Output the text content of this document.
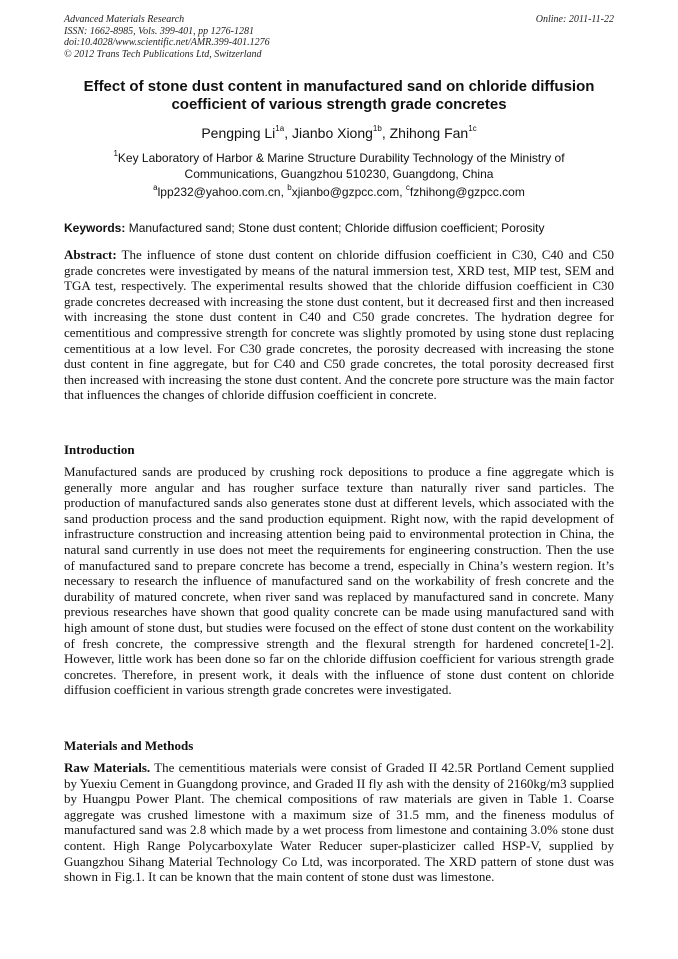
Advanced Materials Research
ISSN: 1662-8985, Vols. 399-401, pp 1276-1281
doi:10.4028/www.scientific.net/AMR.399-401.1276
© 2012 Trans Tech Publications Ltd, Switzerland
Online: 2011-11-22
Effect of stone dust content in manufactured sand on chloride diffusion
coefficient of various strength grade concretes
Pengping $Li^{1a}$, Jianbo Xiong$^{1b}$, Zhihong Fan$^{1c}$
$^1$Key Laboratory of Harbor & Marine Structure Durability Technology of the Ministry of
Communications, Guangzhou 510230, Guangdong, China
$^a$lpp232@yahoo.com.cn, $^b$xjianbo@gzpcc.com, $^c$fzhihong@gzpcc.com
Keywords: Manufactured sand; Stone dust content; Chloride diffusion coefficient; Porosity
Abstract: The influence of stone dust content on chloride diffusion coefficient in C30, C40 and C50 grade concretes were investigated by means of the natural immersion test, XRD test, MIP test, SEM and TGA test, respectively. The experimental results showed that the chloride diffusion coefficient in C30 grade concretes decreased with increasing the stone dust content, but it decreased first and then increased with increasing the stone dust content in C40 and C50 grade concretes. The hydration degree for cementitious and compressive strength for concrete was slightly promoted by using stone dust replacing cementitious at a low level. For C30 grade concretes, the porosity decreased with increasing the stone dust content in fine aggregate, but for C40 and C50 grade concretes, the total porosity decreased first then increased with increasing the stone dust content. And the concrete pore structure was the main factor that influences the changes of chloride diffusion coefficient in concrete.
Introduction
Manufactured sands are produced by crushing rock depositions to produce a fine aggregate which is generally more angular and has rougher surface texture than naturally river sand particles. The production of manufactured sands also generates stone dust at different levels, which associated with the sand production process and the sand production equipment. Right now, with the rapid development of infrastructure construction and increasing attention being paid to environmental protection in China, the natural sand currently in use does not meet the requirements for engineering construction. Then the use of manufactured sand to prepare concrete has become a trend, especially in China’s western region. It’s necessary to research the influence of manufactured sand on the workability of fresh concrete and the durability of matured concrete, when river sand was replaced by manufactured sand in concrete. Many previous researches have shown that good quality concrete can be made using manufactured sand with high amount of stone dust, but studies were focused on the effect of stone dust content on the workability of fresh concrete, the compressive strength and the flexural strength for hardened concrete[1-2]. However, little work has been done so far on the chloride diffusion coefficient for various strength grade concretes. Therefore, in present work, it deals with the influence of stone dust content on chloride diffusion coefficient in various strength grade concretes were investigated.
Materials and Methods
Raw Materials. The cementitious materials were consist of Graded II 42.5R Portland Cement supplied by Yuexiu Cement in Guangdong province, and Graded II fly ash with the density of 2160kg/m3 supplied by Huangpu Power Plant. The chemical compositions of raw materials are given in Table 1. Coarse aggregate was crushed limestone with a maximum size of 31.5 mm, and the fineness modulus of manufactured sand was 2.8 which made by a wet process from limestone and containing 3.0% stone dust content. High Range Polycarboxylate Water Reducer super-plasticizer called HSP-V, supplied by Guangzhou Sihang Material Technology Co Ltd, was incorporated. The XRD pattern of stone dust was shown in Fig.1. It can be known that the main content of stone dust was limestone.
